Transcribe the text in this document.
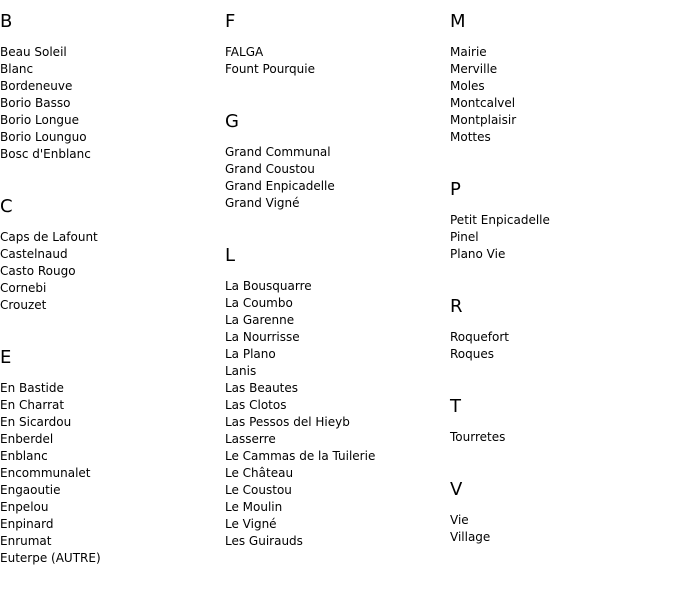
B
Beau Soleil
Blanc
Bordeneuve
Borio Basso
Borio Longue
Borio Lounguo
Bosc d'Enblanc
C
Caps de Lafount
Castelnaud
Casto Rougo
Cornebi
Crouzet
E
En Bastide
En Charrat
En Sicardou
Enberdel
Enblanc
Encommunalet
Engaoutie
Enpelou
Enpinard
Enrumat
Euterpe (AUTRE)
F
FALGA
Fount Pourquie
G
Grand Communal
Grand Coustou
Grand Enpicadelle
Grand Vigné
L
La Bousquarre
La Coumbo
La Garenne
La Nourrisse
La Plano
Lanis
Las Beautes
Las Clotos
Las Pessos del Hieyb
Lasserre
Le Cammas de la Tuilerie
Le Château
Le Coustou
Le Moulin
Le Vigné
Les Guirauds
M
Mairie
Merville
Moles
Montcalvel
Montplaisir
Mottes
P
Petit Enpicadelle
Pinel
Plano Vie
R
Roquefort
Roques
T
Tourretes
V
Vie
Village
